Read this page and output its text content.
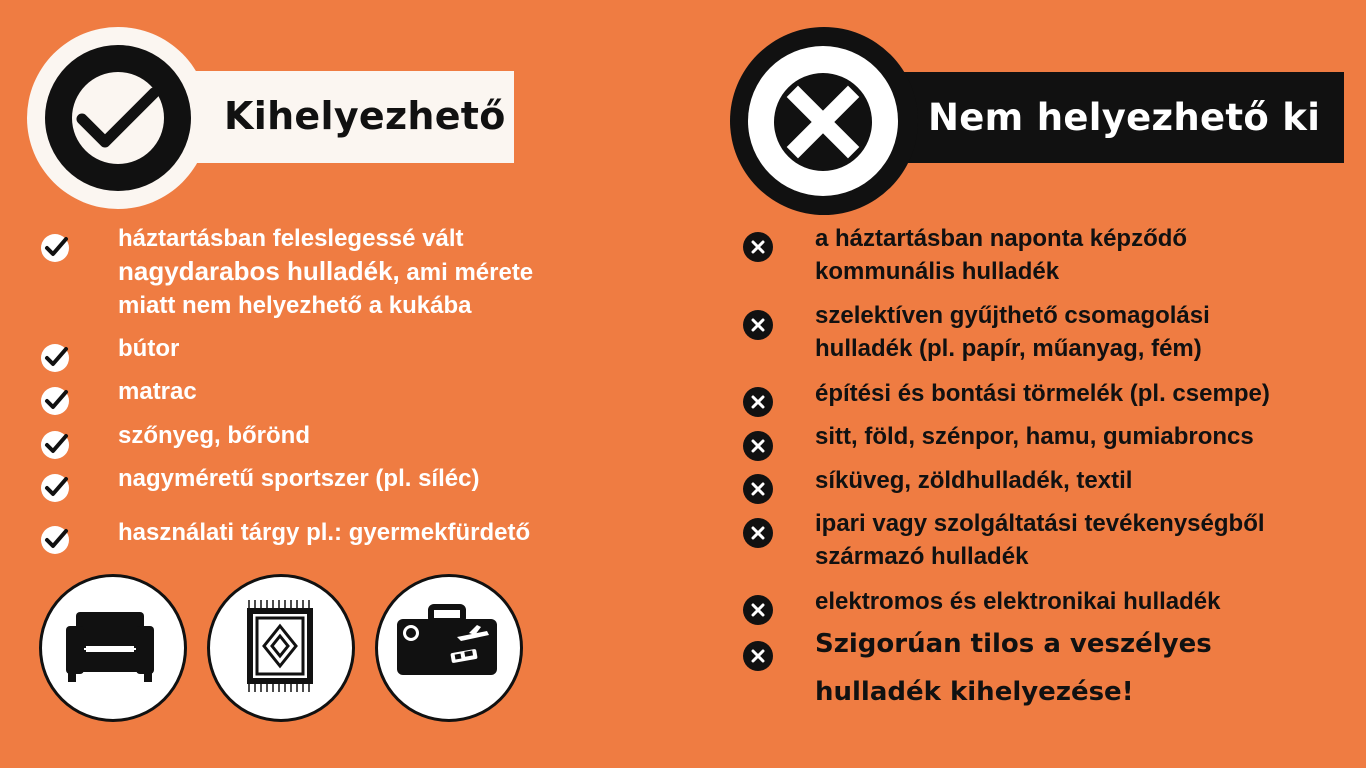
Kihelyezhető	Nem helyezhető ki
háztartásban feleslegessé vált
nagydarabos hulladék, ami mérete
miatt nem helyezhető a kukába
bútor
matrac
szőnyeg, bőrönd
nagyméretű sportszer (pl. síléc)
használati tárgy pl.: gyermekfürdető
a háztartásban naponta képződő
kommunális hulladék
szelektíven gyűjthető csomagolási
hulladék (pl. papír, műanyag, fém)
építési és bontási törmelék (pl. csempe)
sitt, föld, szénpor, hamu, gumiabroncs
síküveg, zöldhulladék, textil
ipari vagy szolgáltatási tevékenységből
származó hulladék
elektromos és elektronikai hulladék
Szigorúan tilos a veszélyes
hulladék kihelyezése!
